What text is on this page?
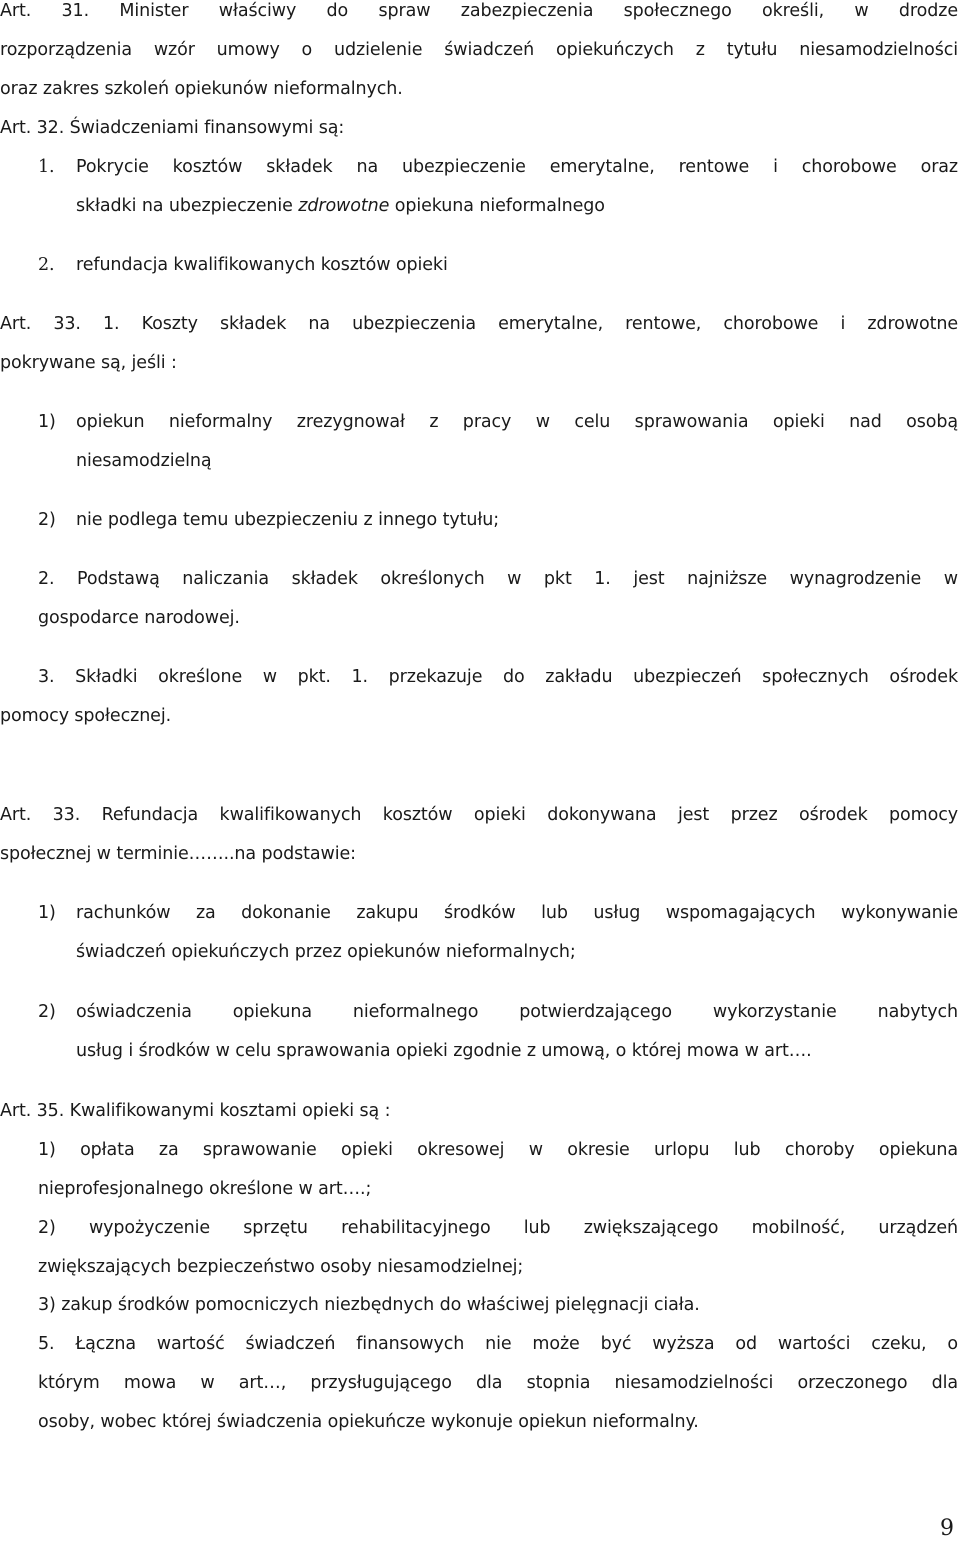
Art. 31. Minister właściwy do spraw zabezpieczenia społecznego określi, w drodze
rozporządzenia wzór umowy o udzielenie świadczeń opiekuńczych z tytułu niesamodzielności
oraz zakres szkoleń opiekunów nieformalnych.
Art. 32. Świadczeniami finansowymi są:
1. Pokrycie kosztów składek na ubezpieczenie emerytalne, rentowe i chorobowe oraz
składki na ubezpieczenie zdrowotne opiekuna nieformalnego
2. refundacja kwalifikowanych kosztów opieki
Art. 33. 1. Koszty składek na ubezpieczenia emerytalne, rentowe, chorobowe i zdrowotne
pokrywane są, jeśli :
1) opiekun nieformalny zrezygnował z pracy w celu sprawowania opieki nad osobą
niesamodzielną
2) nie podlega temu ubezpieczeniu z innego tytułu;
2. Podstawą naliczania składek określonych w pkt 1. jest najniższe wynagrodzenie w
gospodarce narodowej.
3. Składki określone w pkt. 1. przekazuje do zakładu ubezpieczeń społecznych ośrodek
pomocy społecznej.
Art. 33. Refundacja kwalifikowanych kosztów opieki dokonywana jest przez ośrodek pomocy
społecznej w terminie……..na podstawie:
1) rachunków za dokonanie zakupu środków lub usług wspomagających wykonywanie
świadczeń opiekuńczych przez opiekunów nieformalnych;
2) oświadczenia opiekuna nieformalnego potwierdzającego wykorzystanie nabytych
usług i środków w celu sprawowania opieki zgodnie z umową, o której mowa w art….
Art. 35. Kwalifikowanymi kosztami opieki są :
1) opłata za sprawowanie opieki okresowej w okresie urlopu lub choroby opiekuna
nieprofesjonalnego określone w art….;
2) wypożyczenie sprzętu rehabilitacyjnego lub zwiększającego mobilność, urządzeń
zwiększających bezpieczeństwo osoby niesamodzielnej;
3) zakup środków pomocniczych niezbędnych do właściwej pielęgnacji ciała.
5. Łączna wartość świadczeń finansowych nie może być wyższa od wartości czeku, o
którym mowa w art…, przysługującego dla stopnia niesamodzielności orzeczonego dla
osoby, wobec której świadczenia opiekuńcze wykonuje opiekun nieformalny.
9
